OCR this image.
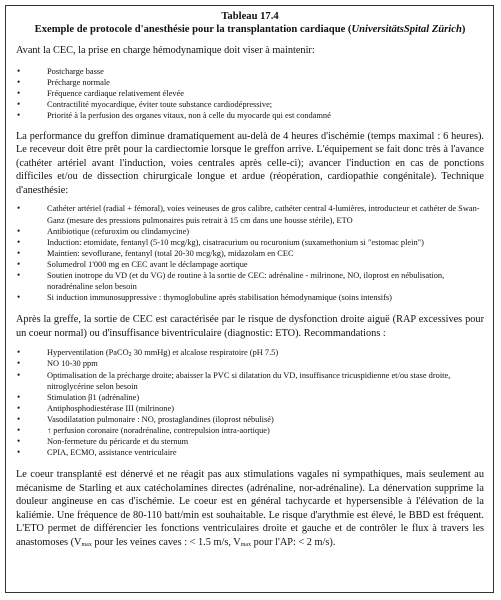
Tableau 17.4
Exemple de protocole d'anesthésie pour la transplantation cardiaque (UniversitätsSpital Zürich)

Avant la CEC, la prise en charge hémodynamique doit viser à maintenir:

• Postcharge basse
• Précharge normale
• Fréquence cardiaque relativement élevée
• Contractilité myocardique, éviter toute substance cardiodépressive;
• Priorité à la perfusion des organes vitaux, non à celle du myocarde qui est condamné

La performance du greffon diminue dramatiquement au-delà de 4 heures d'ischémie (temps maximal : 6 heures). Le receveur doit être prêt pour la cardiectomie lorsque le greffon arrive. L'équipement se fait donc très à l'avance (cathéter artériel avant l'induction, voies centrales après celle-ci); avancer l'induction en cas de ponctions difficiles et/ou de dissection chirurgicale longue et ardue (réopération, cardiopathie congénitale). Technique d'anesthésie:

• Cathéter artériel (radial + fémoral), voies veineuses de gros calibre, cathéter central 4-lumières, introducteur et cathéter de Swan-Ganz (mesure des pressions pulmonaires puis retrait à 15 cm dans une housse stérile), ETO
• Antibiotique (cefuroxim ou clindamycine)
• Induction: etomidate, fentanyl (5-10 mcg/kg), cisatracurium ou rocuronium (suxamethonium si "estomac plein")
• Maintien: sevoflurane, fentanyl (total 20-30 mcg/kg), midazolam en CEC
• Solumedrol 1'000 mg en CEC avant le déclampage aortique
• Soutien inotrope du VD (et du VG) de routine à la sortie de CEC: adrénaline - milrinone, NO, iloprost en nébulisation, noradrénaline selon besoin
• Si induction immunosuppressive : thymoglobuline après stabilisation hémodynamique (soins intensifs)

Après la greffe, la sortie de CEC est caractérisée par le risque de dysfonction droite aiguë (RAP excessives pour un coeur normal) ou d'insuffisance biventriculaire (diagnostic: ETO). Recommandations :

• Hyperventilation (PaCO$_2$ 30 mmHg) et alcalose respiratoire (pH 7.5)
• NO 10-30 ppm
• Optimalisation de la précharge droite; abaisser la PVC si dilatation du VD, insuffisance tricuspidienne et/ou stase droite, nitroglycérine selon besoin
• Stimulation β1 (adrénaline)
• Antiphosphodiestérase III (milrinone)
• Vasodilatation pulmonaire : NO, prostaglandines (iloprost nébulisé)
• ↑ perfusion coronaire (noradrénaline, contrepulsion intra-aortique)
• Non-fermeture du péricarde et du sternum
• CPIA, ECMO, assistance ventriculaire

Le coeur transplanté est dénervé et ne réagit pas aux stimulations vagales ni sympathiques, mais seulement au mécanisme de Starling et aux catécholamines directes (adrénaline, nor-adrénaline). La dénervation supprime la douleur angineuse en cas d'ischémie. Le coeur est en général tachycarde et hypersensible à l'élévation de la kaliémie. Une fréquence de 80-110 batt/min est souhaitable. Le risque d'arythmie est élevé, le BBD est fréquent. L'ETO permet de différencier les fonctions ventriculaires droite et gauche et de contrôler le flux à travers les anastomoses ($V_{max}$ pour les veines caves : < 1.5 m/s, $V_{max}$ pour l'AP: < 2 m/s).
